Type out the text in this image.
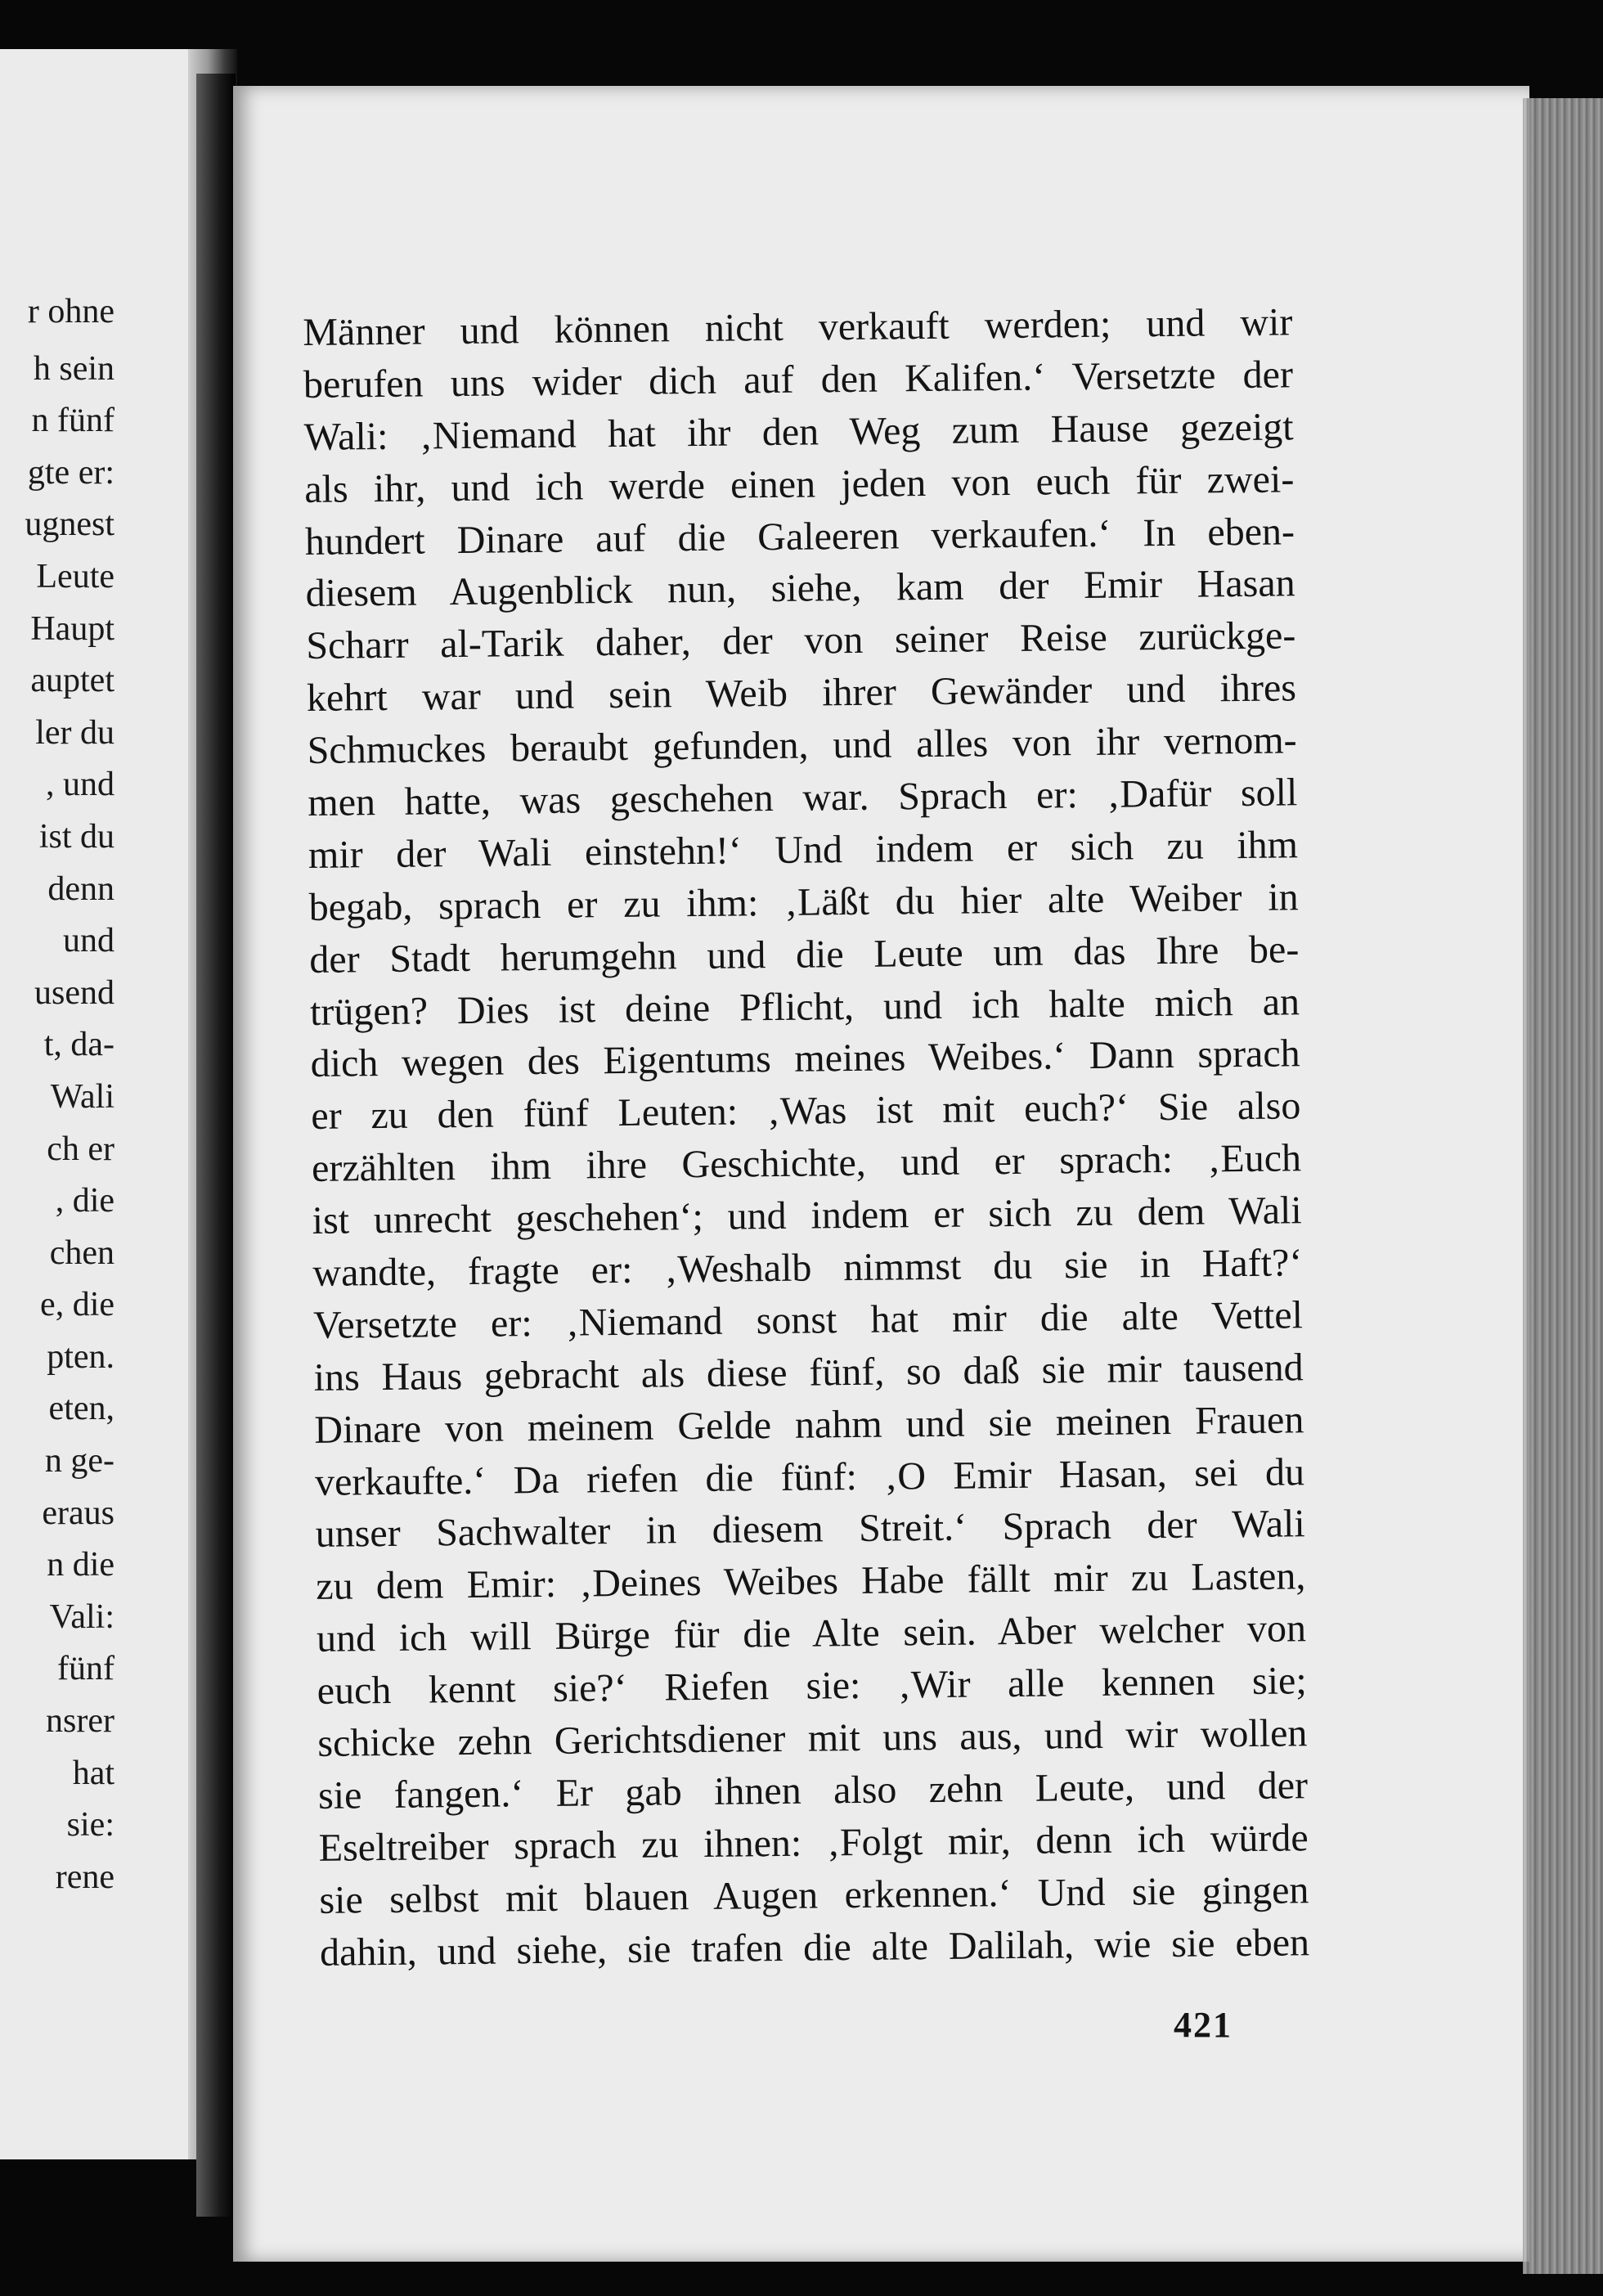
r ohne
h sein
n fünf
gte er:
ugnest
Leute
Haupt
auptet
ler du
, und
ist du
denn
und
usend
t, da-
Wali
ch er
, die
chen
e, die
pten.
eten,
n ge-
eraus
n die
Vali:
fünf
nsrer
hat
sie:
rene
Männer und können nicht verkauft werden; und wir
berufen uns wider dich auf den Kalifen.‘ Versetzte der
Wali: ‚Niemand hat ihr den Weg zum Hause gezeigt
als ihr, und ich werde einen jeden von euch für zwei-
hundert Dinare auf die Galeeren verkaufen.‘ In eben-
diesem Augenblick nun, siehe, kam der Emir Hasan
Scharr al-Tarik daher, der von seiner Reise zurückge-
kehrt war und sein Weib ihrer Gewänder und ihres
Schmuckes beraubt gefunden, und alles von ihr vernom-
men hatte, was geschehen war. Sprach er: ‚Dafür soll
mir der Wali einstehn!‘ Und indem er sich zu ihm
begab, sprach er zu ihm: ‚Läßt du hier alte Weiber in
der Stadt herumgehn und die Leute um das Ihre be-
trügen? Dies ist deine Pflicht, und ich halte mich an
dich wegen des Eigentums meines Weibes.‘ Dann sprach
er zu den fünf Leuten: ‚Was ist mit euch?‘ Sie also
erzählten ihm ihre Geschichte, und er sprach: ‚Euch
ist unrecht geschehen‘; und indem er sich zu dem Wali
wandte, fragte er: ‚Weshalb nimmst du sie in Haft?‘
Versetzte er: ‚Niemand sonst hat mir die alte Vettel
ins Haus gebracht als diese fünf, so daß sie mir tausend
Dinare von meinem Gelde nahm und sie meinen Frauen
verkaufte.‘ Da riefen die fünf: ‚O Emir Hasan, sei du
unser Sachwalter in diesem Streit.‘ Sprach der Wali
zu dem Emir: ‚Deines Weibes Habe fällt mir zu Lasten,
und ich will Bürge für die Alte sein. Aber welcher von
euch kennt sie?‘ Riefen sie: ‚Wir alle kennen sie;
schicke zehn Gerichtsdiener mit uns aus, und wir wollen
sie fangen.‘ Er gab ihnen also zehn Leute, und der
Eseltreiber sprach zu ihnen: ‚Folgt mir, denn ich würde
sie selbst mit blauen Augen erkennen.‘ Und sie gingen
dahin, und siehe, sie trafen die alte Dalilah, wie sie eben
421
